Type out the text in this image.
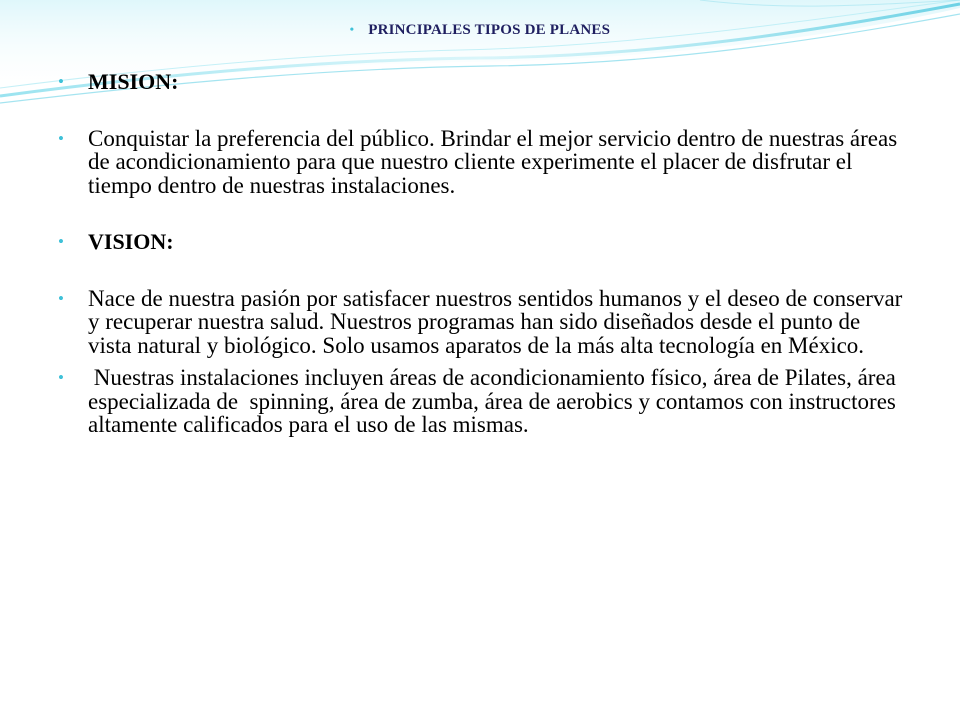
• PRINCIPALES TIPOS DE PLANES
• MISION:
• Conquistar la preferencia del público. Brindar el mejor servicio dentro de nuestras áreas de acondicionamiento para que nuestro cliente experimente el placer de disfrutar el tiempo dentro de nuestras instalaciones.
• VISION:
• Nace de nuestra pasión por satisfacer nuestros sentidos humanos y el deseo de conservar y recuperar nuestra salud. Nuestros programas han sido diseñados desde el punto de vista natural y biológico. Solo usamos aparatos de la más alta tecnología en México.
• Nuestras instalaciones incluyen áreas de acondicionamiento físico, área de Pilates, área especializada de  spinning, área de zumba, área de aerobics y contamos con instructores altamente calificados para el uso de las mismas.
